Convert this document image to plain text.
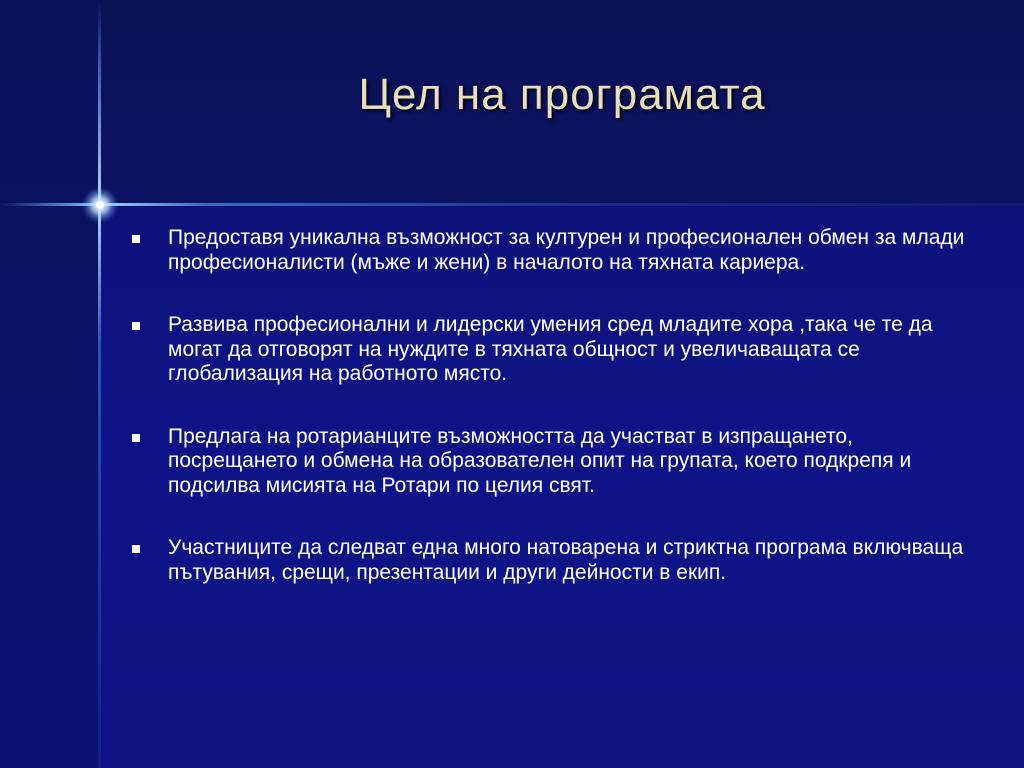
Цел на програмата
Предоставя уникална възможност за културен и професионален обмен за млади професионалисти (мъже и жени) в началото на тяхната кариера.
Развива професионални и лидерски умения сред младите хора ,така че те да могат да отговорят на нуждите в тяхната общност и увеличаващата се глобализация на работното място.
Предлага на ротарианците възможността да участват в изпращането, посрещането и обмена на образователен опит на групата, което подкрепя и подсилва мисията на Ротари по целия свят.
Участниците да следват една много натоварена и стриктна програма включваща пътувания, срещи, презентации и други дейности в екип.
